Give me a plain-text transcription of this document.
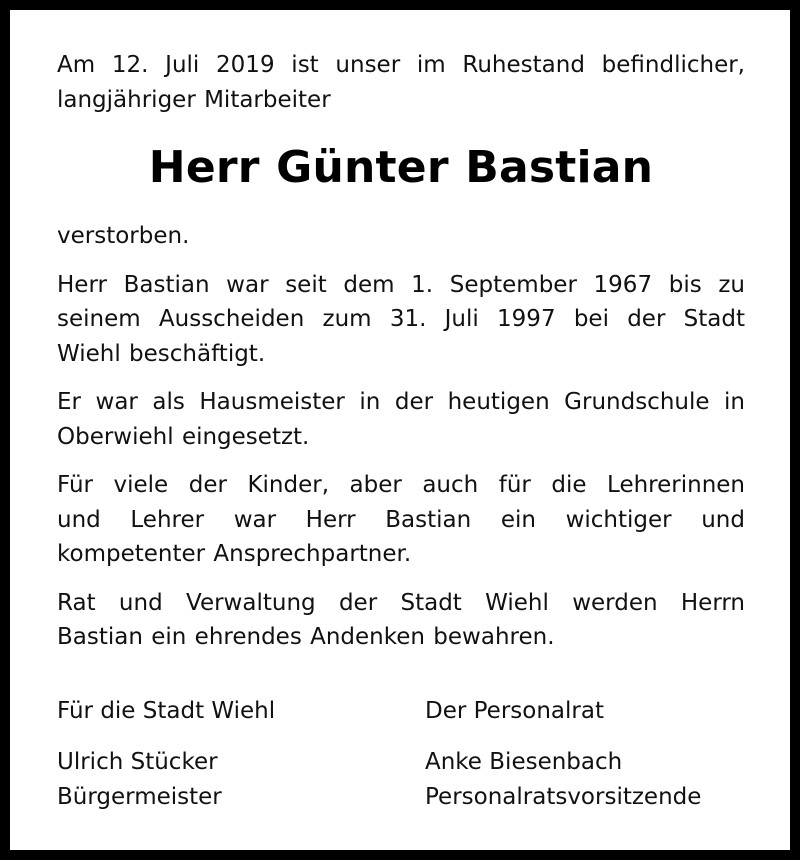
Am 12. Juli 2019 ist unser im Ruhestand befindlicher,
langjähriger Mitarbeiter

Herr Günter Bastian

verstorben.

Herr Bastian war seit dem 1. September 1967 bis zu
seinem Ausscheiden zum 31. Juli 1997 bei der Stadt
Wiehl beschäftigt.

Er war als Hausmeister in der heutigen Grundschule in
Oberwiehl eingesetzt.

Für viele der Kinder, aber auch für die Lehrerinnen
und Lehrer war Herr Bastian ein wichtiger und
kompetenter Ansprechpartner.

Rat und Verwaltung der Stadt Wiehl werden Herrn
Bastian ein ehrendes Andenken bewahren.

Für die Stadt Wiehl	Der Personalrat
Ulrich Stücker
Bürgermeister
Anke Biesenbach
Personalratsvorsitzende
